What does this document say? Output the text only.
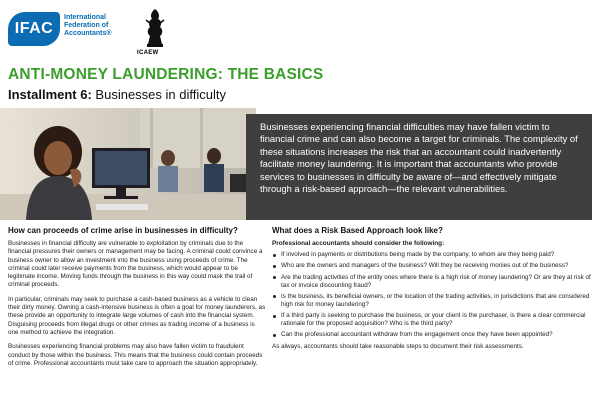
IFAC
International Federation of Accountants®
ICAEW
ANTI-MONEY LAUNDERING: THE BASICS
Installment 6: Businesses in difficulty
Businesses experiencing financial difficulties may have fallen victim to financial crime and can also become a target for criminals. The complexity of these situations increases the risk that an accountant could inadvertently facilitate money laundering. It is important that accountants who provide services to businesses in difficulty be aware of—and effectively mitigate through a risk-based approach—the relevant vulnerabilities.
How can proceeds of crime arise in businesses in difficulty?

Businesses in financial difficulty are vulnerable to exploitation by criminals due to the financial pressures their owners or management may be facing. A criminal could convince a business owner to allow an investment into the business using proceeds of crime. The criminal could later receive payments from the business, which would appear to be legitimate income. Moving funds through the business in this way could mask the trail of criminal proceeds.

In particular, criminals may seek to purchase a cash-based business as a vehicle to clean their dirty money. Owning a cash-intensive business is often a goal for money launderers, as these provide an opportunity to integrate large volumes of cash into the financial system. Disguising proceeds from illegal drugs or other crimes as trading income of a business is one method to achieve the integration.

Businesses experiencing financial problems may also have fallen victim to fraudulent conduct by those within the business. This means that the business could contain proceeds of crime. Professional accountants must take care to approach the situation appropriately.

What does a Risk Based Approach look like?
Professional accountants should consider the following:
If involved in payments or distributions being made by the company, to whom are they being paid?
Who are the owners and managers of the business? Will they be receiving monies out of the business?
Are the trading activities of the entity ones where there is a high risk of money laundering? Or are they at risk of tax or invoice discounting fraud?
Is the business, its beneficial owners, or the location of the trading activities, in jurisdictions that are considered high risk for money laundering?
If a third party is seeking to purchase the business, or your client is the purchaser, is there a clear commercial rationale for the proposed acquisition? Who is the third party?
Can the professional accountant withdraw from the engagement once they have been appointed?
As always, accountants should take reasonable steps to document their risk assessments.
